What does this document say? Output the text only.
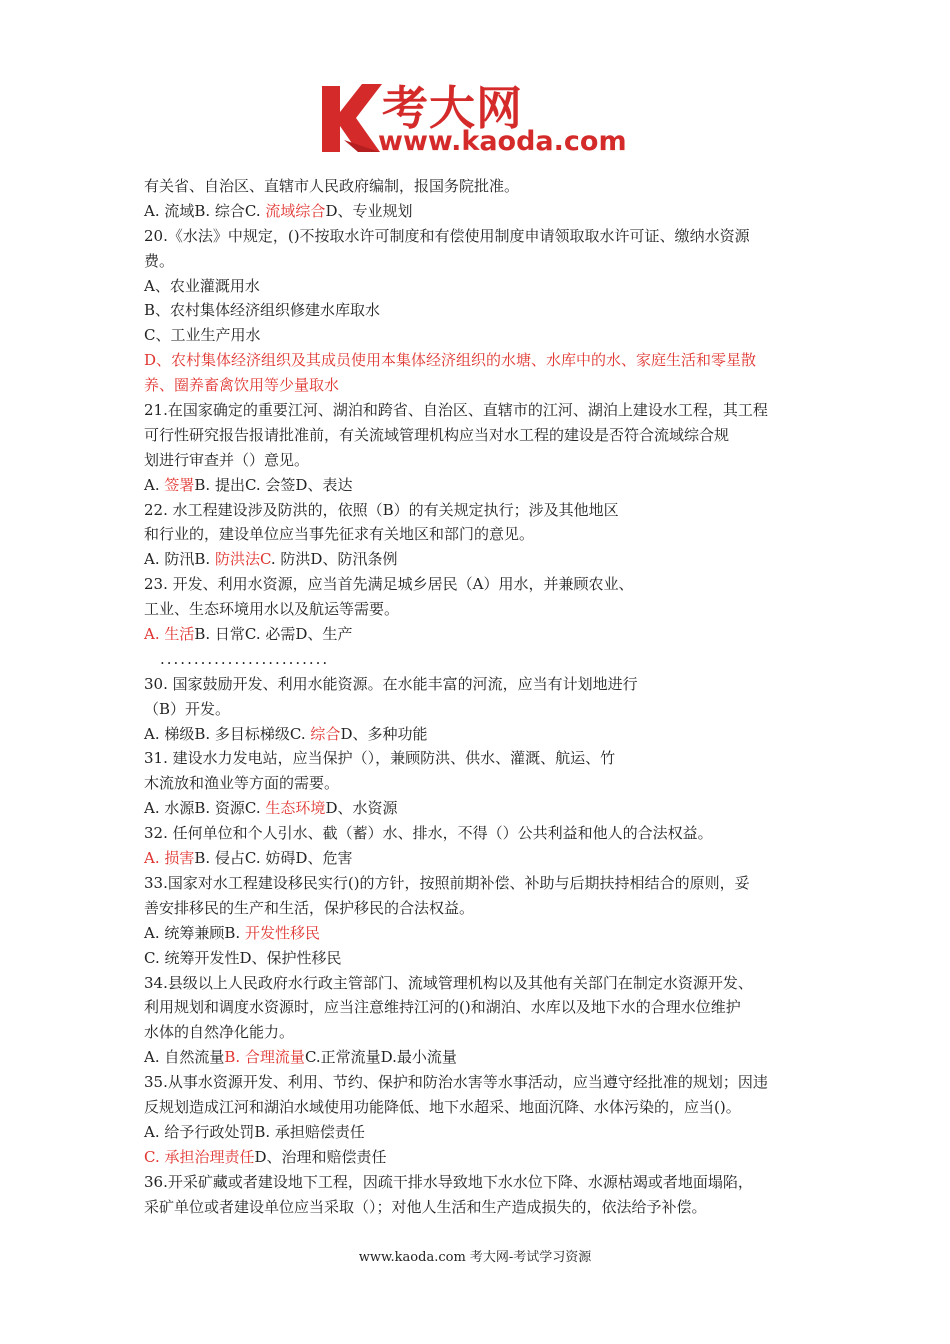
考大网
www.kaoda.com
有关省、自治区、直辖市人民政府编制，报国务院批准。
A. 流域B. 综合C. 流域综合D、专业规划
20.《水法》中规定，()不按取水许可制度和有偿使用制度申请领取取水许可证、缴纳水资源
费。
A、农业灌溉用水
B、农村集体经济组织修建水库取水
C、工业生产用水
D、农村集体经济组织及其成员使用本集体经济组织的水塘、水库中的水、家庭生活和零星散
养、圈养畜禽饮用等少量取水
21.在国家确定的重要江河、湖泊和跨省、自治区、直辖市的江河、湖泊上建设水工程，其工程
可行性研究报告报请批准前，有关流域管理机构应当对水工程的建设是否符合流域综合规
划进行审查并（）意见。
A. 签署B. 提出C. 会签D、表达
22. 水工程建设涉及防洪的，依照（B）的有关规定执行；涉及其他地区
和行业的，建设单位应当事先征求有关地区和部门的意见。
A. 防汛B. 防洪法C. 防洪D、防汛条例
23. 开发、利用水资源，应当首先满足城乡居民（A）用水，并兼顾农业、
工业、生态环境用水以及航运等需要。
A. 生活B. 日常C. 必需D、生产
.........................
30. 国家鼓励开发、利用水能资源。在水能丰富的河流，应当有计划地进行
（B）开发。
A. 梯级B. 多目标梯级C. 综合D、多种功能
31. 建设水力发电站，应当保护（），兼顾防洪、供水、灌溉、航运、竹
木流放和渔业等方面的需要。
A. 水源B. 资源C. 生态环境D、水资源
32. 任何单位和个人引水、截（蓄）水、排水，不得（）公共利益和他人的合法权益。
A. 损害B. 侵占C. 妨碍D、危害
33.国家对水工程建设移民实行()的方针，按照前期补偿、补助与后期扶持相结合的原则，妥
善安排移民的生产和生活，保护移民的合法权益。
A. 统筹兼顾B. 开发性移民
C. 统筹开发性D、保护性移民
34.县级以上人民政府水行政主管部门、流域管理机构以及其他有关部门在制定水资源开发、
利用规划和调度水资源时，应当注意维持江河的()和湖泊、水库以及地下水的合理水位维护
水体的自然净化能力。
A. 自然流量B. 合理流量C.正常流量D.最小流量
35.从事水资源开发、利用、节约、保护和防治水害等水事活动，应当遵守经批准的规划；因违
反规划造成江河和湖泊水域使用功能降低、地下水超采、地面沉降、水体污染的，应当()。
A. 给予行政处罚B. 承担赔偿责任
C. 承担治理责任D、治理和赔偿责任
36.开采矿藏或者建设地下工程，因疏干排水导致地下水水位下降、水源枯竭或者地面塌陷，
采矿单位或者建设单位应当采取（）；对他人生活和生产造成损失的，依法给予补偿。
www.kaoda.com 考大网-考试学习资源
